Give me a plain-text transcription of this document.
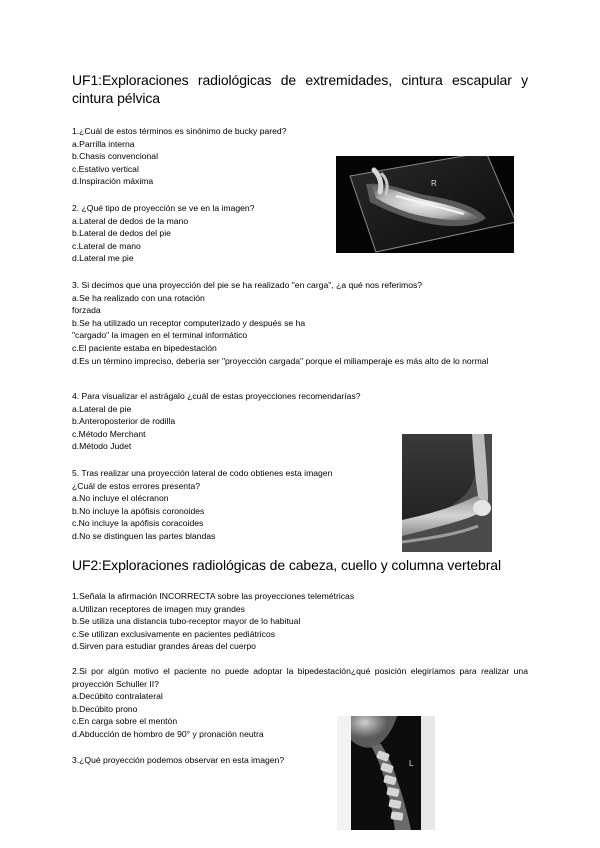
UF1:Exploraciones radiológicas de extremidades, cintura escapular y cintura pélvica
1.¿Cuál de estos términos es sinónimo de bucky pared?
a.Parrilla interna
b.Chasis convencional
c.Estativo vertical
d.Inspiración máxima
2. ¿Qué tipo de proyección se ve en la imagen?
a.Lateral de dedos de la mano
b.Lateral de dedos del pie
c.Lateral de mano
d.Lateral me pie
R
3. Si decimos que una proyección del pie se ha realizado "en carga", ¿a qué nos referimos?
a.Se ha realizado con una rotación
forzada
b.Se ha utilizado un receptor computerizado y después se ha
"cargado" la imagen en el terminal informático
c.El paciente estaba en bipedestación
d.Es un término impreciso, debería ser "proyección cargada" porque el miliamperaje es más alto de lo normal
4. Para visualizar el astrágalo ¿cuál de estas proyecciones recomendarías?
a.Lateral de pie
b.Anteroposterior de rodilla
c.Método Merchant
d.Método Judet
5. Tras realizar una proyección lateral de codo obtienes esta imagen
¿Cuál de estos errores presenta?
a.No incluye el olécranon
b.No incluye la apófisis coronoides
c.No incluye la apófisis coracoides
d.No se distinguen las partes blandas
UF2:Exploraciones radiológicas de cabeza, cuello y columna vertebral
1.Señala la afirmación INCORRECTA sobre las proyecciones telemétricas
a.Utilizan receptores de imagen muy grandes
b.Se utiliza una distancia tubo-receptor mayor de lo habitual
c.Se utilizan exclusivamente en pacientes pediátricos
d.Sirven para estudiar grandes áreas del cuerpo
2.Si por algún motivo el paciente no puede adoptar la bipedestación¿qué posición elegiríamos para realizar una proyección Schuller II?
a.Decúbito contralateral
b.Decúbito prono
c.En carga sobre el mentón
d.Abducción de hombro de 90° y pronación neutra
3.¿Qué proyección podemos observar en esta imagen?	L
